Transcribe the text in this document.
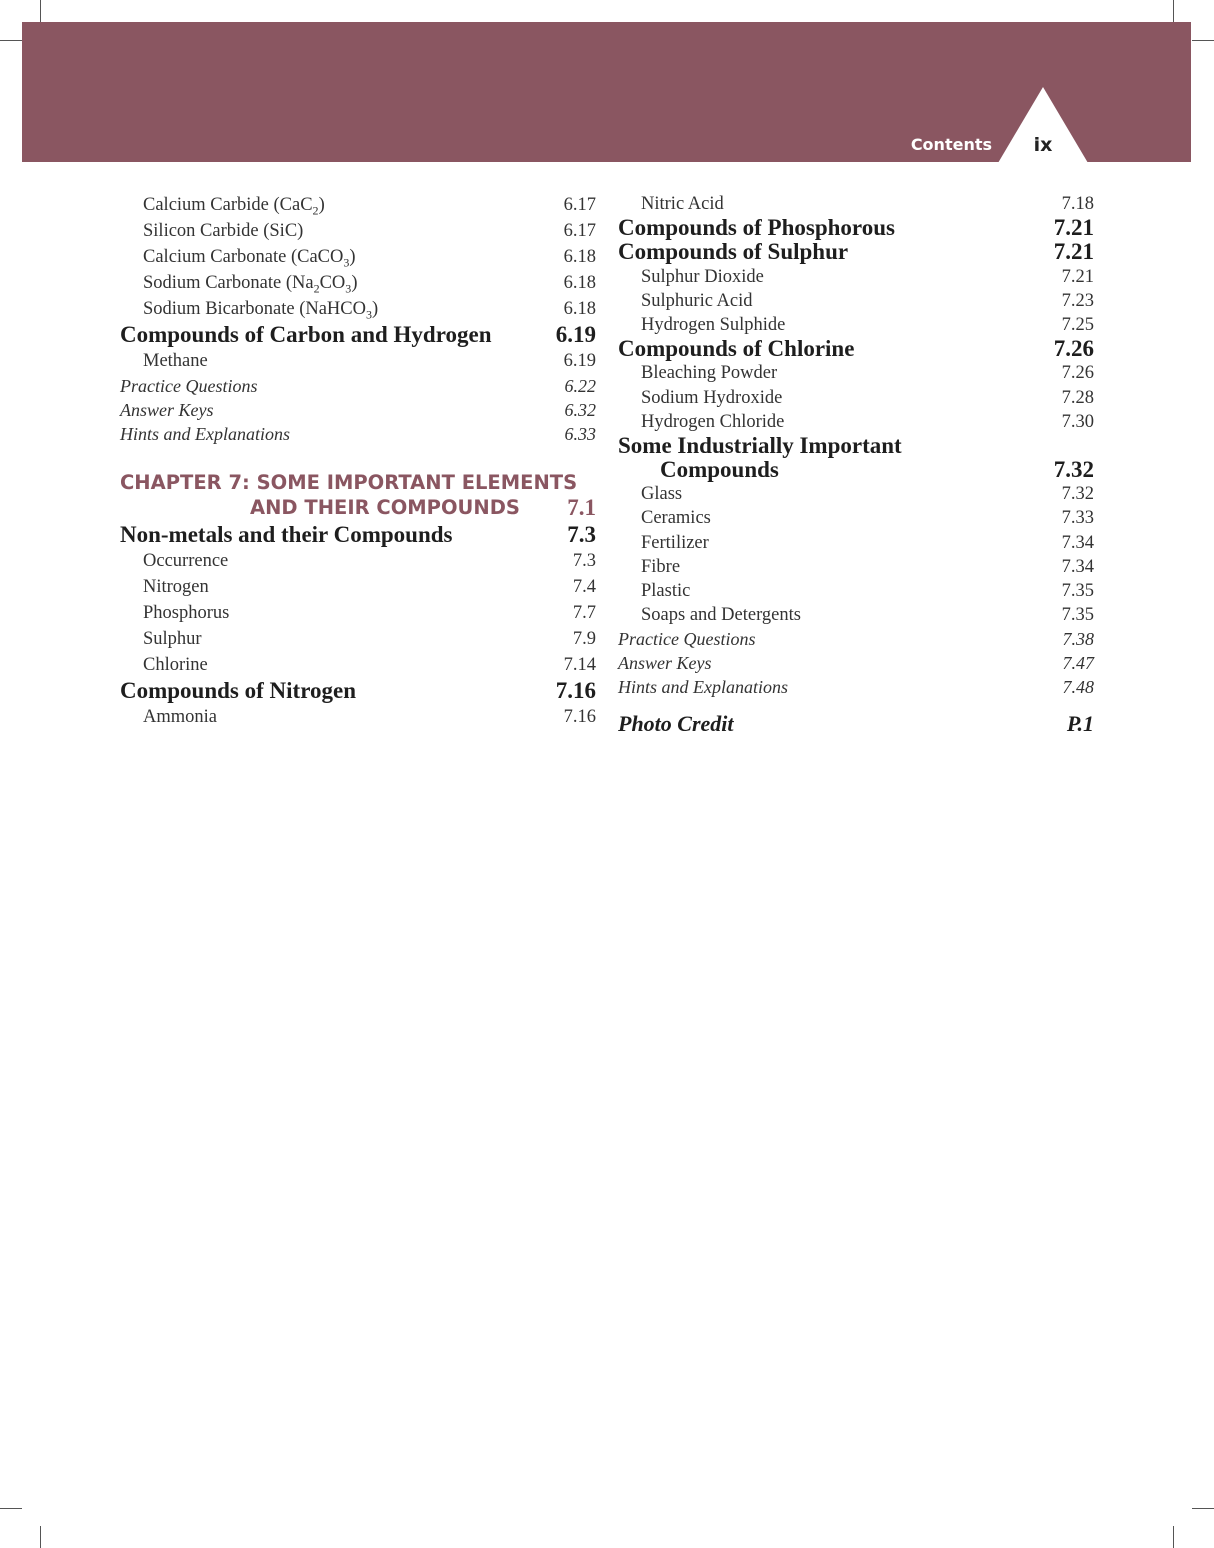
Contents	ix
Calcium Carbide (CaC$_2$)	6.17
Silicon Carbide (SiC)	6.17
Calcium Carbonate (CaCO$_3$)	6.18
Sodium Carbonate $(Na_2CO_3)$	6.18
Sodium Bicarbonate (NaHCO$_3$)	6.18
Compounds of Carbon and Hydrogen	6.19
Methane	6.19
Practice Questions	6.22
Answer Keys	6.32
Hints and Explanations	6.33
CHAPTER 7: SOME IMPORTANT ELEMENTS
AND THEIR COMPOUNDS 7.1
Non-metals and their Compounds	7.3
Occurrence	7.3
Nitrogen	7.4
Phosphorus	7.7
Sulphur	7.9
Chlorine	7.14
Compounds of Nitrogen	7.16
Ammonia	7.16
Nitric Acid	7.18
Compounds of Phosphorous	7.21
Compounds of Sulphur	7.21
Sulphur Dioxide	7.21
Sulphuric Acid	7.23
Hydrogen Sulphide	7.25
Compounds of Chlorine	7.26
Bleaching Powder	7.26
Sodium Hydroxide	7.28
Hydrogen Chloride	7.30
Some Industrially Important
Compounds	7.32
Glass	7.32
Ceramics	7.33
Fertilizer	7.34
Fibre	7.34
Plastic	7.35
Soaps and Detergents	7.35
Practice Questions	7.38
Answer Keys	7.47
Hints and Explanations	7.48
Photo Credit	P.1
